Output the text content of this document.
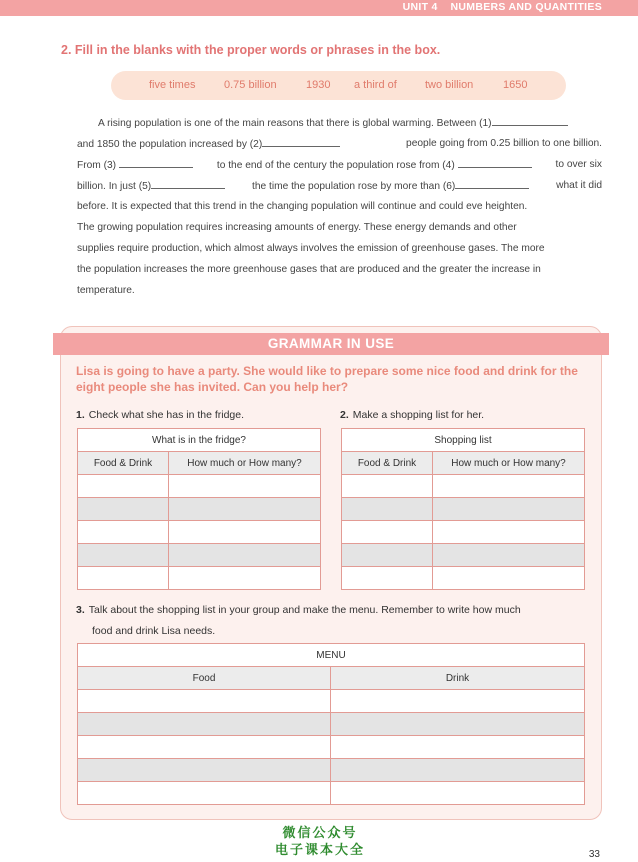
UNIT 4 NUMBERS AND QUANTITIES
2. Fill in the blanks with the proper words or phrases in the box.
five times	0.75 billion	1930 a third of	two billion	1650
A rising population is one of the main reasons that there is global warming. Between (1)
and 1850 the population increased by (2)	people going from 0.25 billion to one billion.
From (3)	to the end of the century the population rose from (4)	to over six
billion. In just (5)	the time the population rose by more than (6)	what it did
before. It is expected that this trend in the changing population will continue and could eve heighten.
The growing population requires increasing amounts of energy. These energy demands and other
supplies require production, which almost always involves the emission of greenhouse gases. The more
the population increases the more greenhouse gases that are produced and the greater the increase in
temperature.
GRAMMAR IN USE
Lisa is going to have a party. She would like to prepare some nice food and drink for the eight people she has invited. Can you help her?
1. Check what she has in the fridge.	2. Make a shopping list for her.
What is in the fridge?	
Food & Drink	How much or How many?

Shopping list	
Food & Drink	How much or How many?

3. Talk about the shopping list in your group and make the menu. Remember to write how much
food and drink Lisa needs.
MENU	
Food	Drink

微信公众号
电子课本大全	33
